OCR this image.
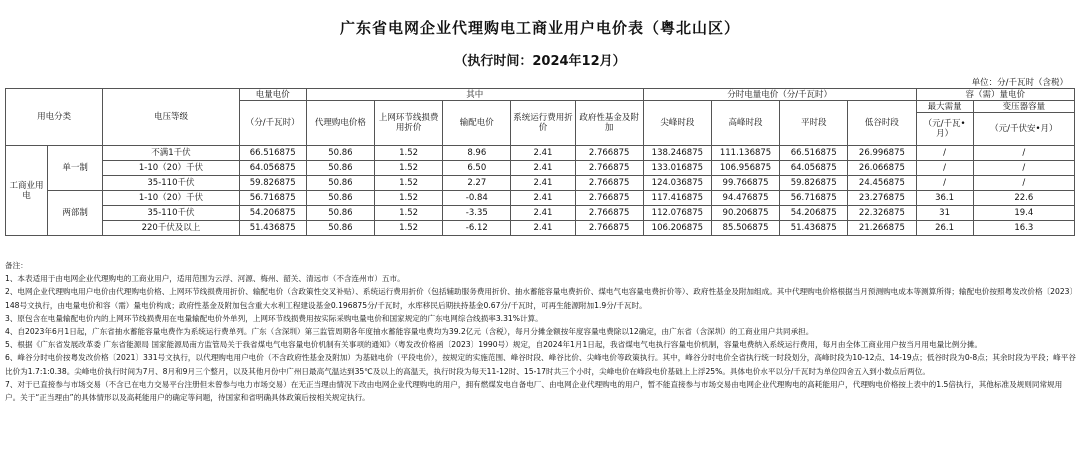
广东省电网企业代理购电工商业用户电价表（粤北山区）
（执行时间：2024年12月）
单位：分/千瓦时（含税）
用电分类		电压等级	电量电价	其中					分时电量电价（分/千瓦时）				容（需）量电价	
			（分/千瓦时）	代理购电价格	上网环节线损费用折价	输配电价	系统运行费用折价	政府性基金及附加	尖峰时段	高峰时段	平时段	低谷时段	最大需量	变压器容量
													（元/千瓦•月）	（元/千伏安•月）
工商业用电	单一制	不满1千伏	66.516875	50.86	1.52	8.96	2.41	2.766875	138.246875	111.136875	66.516875	26.996875	/	/
		1-10（20）千伏	64.056875	50.86	1.52	6.50	2.41	2.766875	133.016875	106.956875	64.056875	26.066875	/	/
		35-110千伏	59.826875	50.86	1.52	2.27	2.41	2.766875	124.036875	99.766875	59.826875	24.456875	/	/
	两部制	1-10（20）千伏	56.716875	50.86	1.52	-0.84	2.41	2.766875	117.416875	94.476875	56.716875	23.276875	36.1	22.6
		35-110千伏	54.206875	50.86	1.52	-3.35	2.41	2.766875	112.076875	90.206875	54.206875	22.326875	31	19.4
		220千伏及以上	51.436875	50.86	1.52	-6.12	2.41	2.766875	106.206875	85.506875	51.436875	21.266875	26.1	16.3

备注：

1、本表适用于由电网企业代理购电的工商业用户，适用范围为云浮、河源、梅州、韶关、清远市（不含连州市）五市。

2、电网企业代理购电用户电价由代理购电价格、上网环节线损费用折价、输配电价（含政策性交叉补贴）、系统运行费用折价（包括辅助服务费用折价、抽水蓄能容量电费折价、煤电气电容量电费折价等）、政府性基金及附加组成。其中代理购电价格根据当月预测购电成本等测算所得；输配电价按照粤发改价格〔2023〕148号文执行，由电量电价和容（需）量电价构成；政府性基金及附加包含重大水利工程建设基金0.196875分/千瓦时，水库移民后期扶持基金0.67分/千瓦时，可再生能源附加1.9分/千瓦时。

3、原包含在电量输配电价内的上网环节线损费用在电量输配电价外单列，上网环节线损费用按实际采购电量电价和国家规定的广东电网综合线损率3.31%计算。

4、自2023年6月1日起，广东省抽水蓄能容量电费作为系统运行费单列。广东（含深圳）第三监管周期各年度抽水蓄能容量电费均为39.2亿元（含税），每月分摊金额按年度容量电费除以12确定，由广东省（含深圳）的工商业用户共同承担。

5、根据《广东省发展改革委 广东省能源局 国家能源局南方监管局关于我省煤电气电容量电价机制有关事项的通知》（粤发改价格函〔2023〕1990号）规定，自2024年1月1日起，我省煤电气电执行容量电价机制，容量电费纳入系统运行费用，每月由全体工商业用户按当月用电量比例分摊。

6、峰谷分时电价按粤发改价格〔2021〕331号文执行，以代理购电用户电价（不含政府性基金及附加）为基础电价（平段电价），按规定的实施范围、峰谷时段、峰谷比价、尖峰电价等政策执行。其中，峰谷分时电价全省执行统一时段划分，高峰时段为10-12点、14-19点；低谷时段为0-8点；其余时段为平段；峰平谷比价为1.7:1:0.38。尖峰电价执行时间为7月、8月和9月三个整月，以及其他月份中广州日最高气温达到35℃及以上的高温天，执行时段为每天11-12时、15-17时共三个小时，尖峰电价在峰段电价基础上上浮25%。具体电价水平以分/千瓦时为单位四舍五入到小数点后两位。

7、对于已直接参与市场交易（不含已在电力交易平台注册但未曾参与电力市场交易）在无正当理由情况下改由电网企业代理购电的用户，拥有燃煤发电自备电厂、由电网企业代理购电的用户，暂不能直接参与市场交易由电网企业代理购电的高耗能用户，代理购电价格按上表中的1.5倍执行，其他标准及规则同常规用户。关于“正当理由”的具体情形以及高耗能用户的确定等问题，待国家和省明确具体政策后按相关规定执行。
